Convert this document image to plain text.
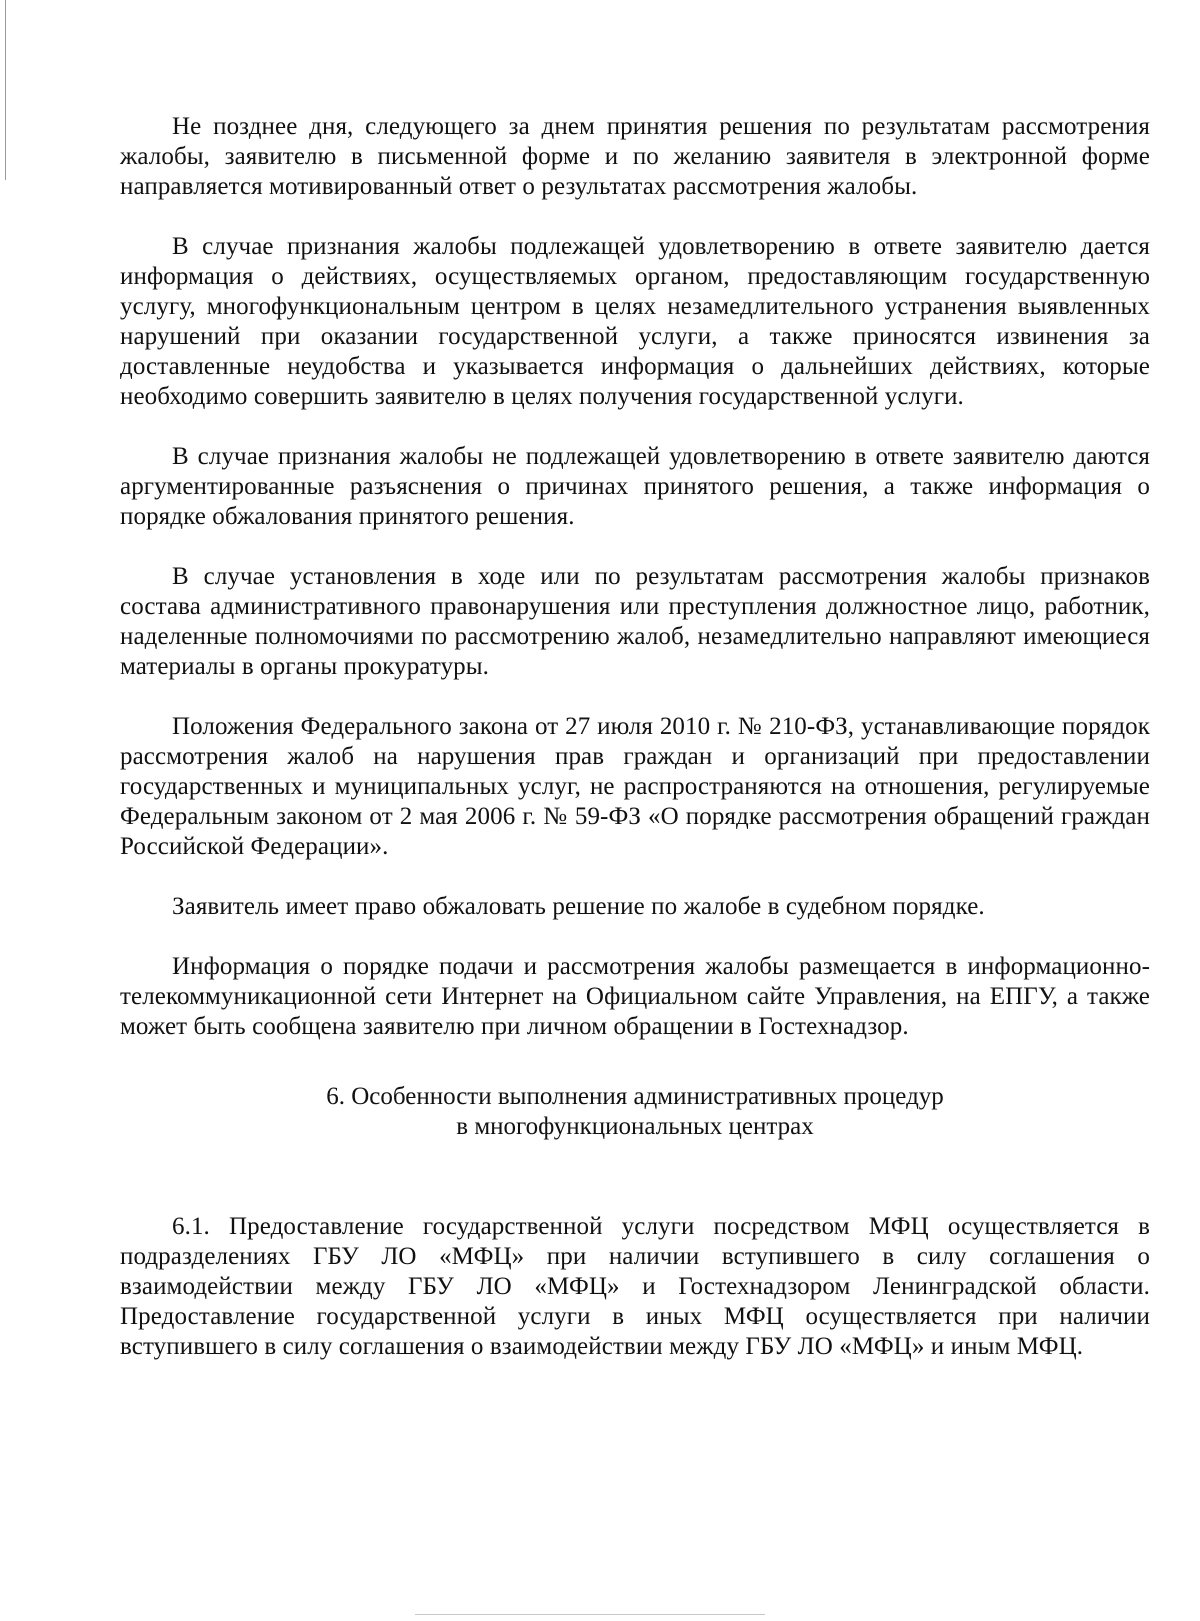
Не позднее дня, следующего за днем принятия решения по результатам рассмотрения жалобы, заявителю в письменной форме и по желанию заявителя в электронной форме направляется мотивированный ответ о результатах рассмотрения жалобы.

В случае признания жалобы подлежащей удовлетворению в ответе заявителю дается информация о действиях, осуществляемых органом, предоставляющим государственную услугу, многофункциональным центром в целях незамедлительного устранения выявленных нарушений при оказании государственной услуги, а также приносятся извинения за доставленные неудобства и указывается информация о дальнейших действиях, которые необходимо совершить заявителю в целях получения государственной услуги.

В случае признания жалобы не подлежащей удовлетворению в ответе заявителю даются аргументированные разъяснения о причинах принятого решения, а также информация о порядке обжалования принятого решения.

В случае установления в ходе или по результатам рассмотрения жалобы признаков состава административного правонарушения или преступления должностное лицо, работник, наделенные полномочиями по рассмотрению жалоб, незамедлительно направляют имеющиеся материалы в органы прокуратуры.

Положения Федерального закона от 27 июля 2010 г. № 210-ФЗ, устанавливающие порядок рассмотрения жалоб на нарушения прав граждан и организаций при предоставлении государственных и муниципальных услуг, не распространяются на отношения, регулируемые Федеральным законом от 2 мая 2006 г. № 59-ФЗ «О порядке рассмотрения обращений граждан Российской Федерации».

Заявитель имеет право обжаловать решение по жалобе в судебном порядке.

Информация о порядке подачи и рассмотрения жалобы размещается в информационно-телекоммуникационной сети Интернет на Официальном сайте Управления, на ЕПГУ, а также может быть сообщена заявителю при личном обращении в Гостехнадзор.

6. Особенности выполнения административных процедур
в многофункциональных центрах

6.1. Предоставление государственной услуги посредством МФЦ осуществляется в подразделениях ГБУ ЛО «МФЦ» при наличии вступившего в силу соглашения о взаимодействии между ГБУ ЛО «МФЦ» и Гостехнадзором Ленинградской области. Предоставление государственной услуги в иных МФЦ осуществляется при наличии вступившего в силу соглашения о взаимодействии между ГБУ ЛО «МФЦ» и иным МФЦ.
